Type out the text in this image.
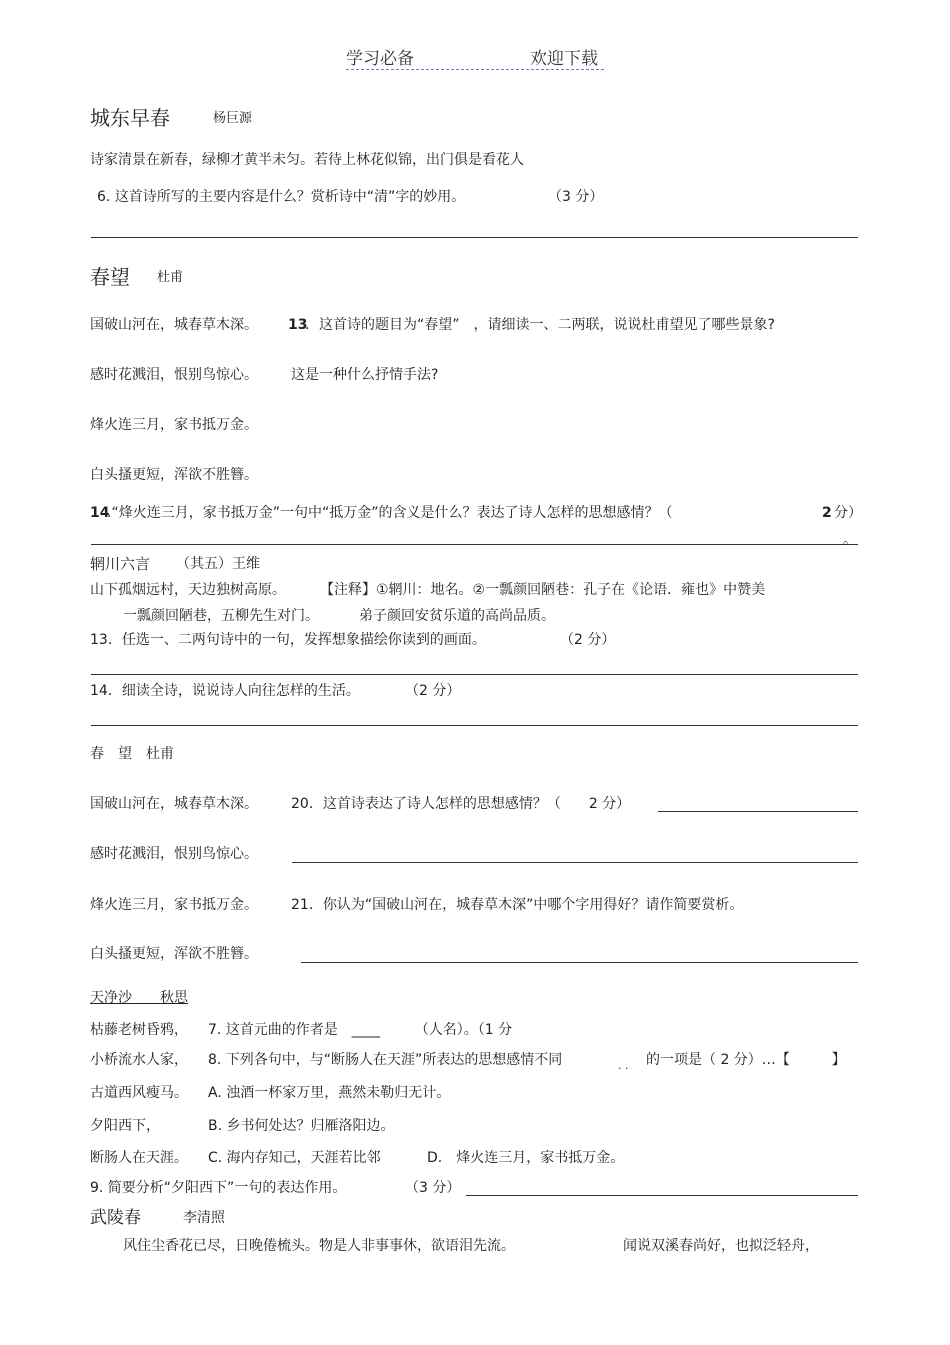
学习必备	欢迎下载
城东早春	杨巨源
诗家清景在新春，绿柳才黄半未匀。若待上林花似锦，出门俱是看花人
6. 这首诗所写的主要内容是什么？赏析诗中“清”字的妙用。	（3 分）
春望 杜甫
国破山河在，城春草木深。 13
．这首诗的题目为“春望”　，请细读一、二两联，说说杜甫望见了哪些景象?
感时花溅泪，恨别鸟惊心。 这是一种什么抒情手法?
烽火连三月，家书抵万金。
白头搔更短，浑欲不胜簪。
14
.“烽火连三月，家书抵万金”一句中“抵万金”的含义是什么？表达了诗人怎样的思想感情？（	2 分）
。
辋川六言 （其五）王维
山下孤烟远村，天边独树高原。 【注释】①辋川：地名。②一瓢颜回陋巷：孔子在《论语．雍也》中赞美
一瓢颜回陋巷，五柳先生对门。	弟子颜回安贫乐道的高尚品质。
13．任选一、二两句诗中的一句，发挥想象描绘你读到的画面。	（2 分）
14．细读全诗，说说诗人向往怎样的生活。	（2 分）
春　望　杜甫
国破山河在，城春草木深。 20．这首诗表达了诗人怎样的思想感情？（　　2 分）
感时花溅泪，恨别鸟惊心。
烽火连三月，家书抵万金。 21．你认为“国破山河在，城春草木深”中哪个字用得好？请作简要赏析。
白头搔更短，浑欲不胜簪。
天净沙　　秋思
枯藤老树昏鸦， 7. 这首元曲的作者是　____　　　（人名）。（1 分
小桥流水人家， 8. 下列各句中，与“断肠人在天涯”所表达的思想感情不同	. . 的一项是（ 2 分）…【　　　】
古道西风瘦马。 A. 浊酒一杯家万里，燕然未勒归无计。
夕阳西下，	B. 乡书何处达？归雁洛阳边。
断肠人在天涯。 C. 海内存知己，天涯若比邻	D.　烽火连三月，家书抵万金。
9. 简要分析“夕阳西下”一句的表达作用。	（3 分）
武陵春	李清照
风住尘香花已尽，日晚倦梳头。物是人非事事休，欲语泪先流。	闻说双溪春尚好，也拟泛轻舟，
